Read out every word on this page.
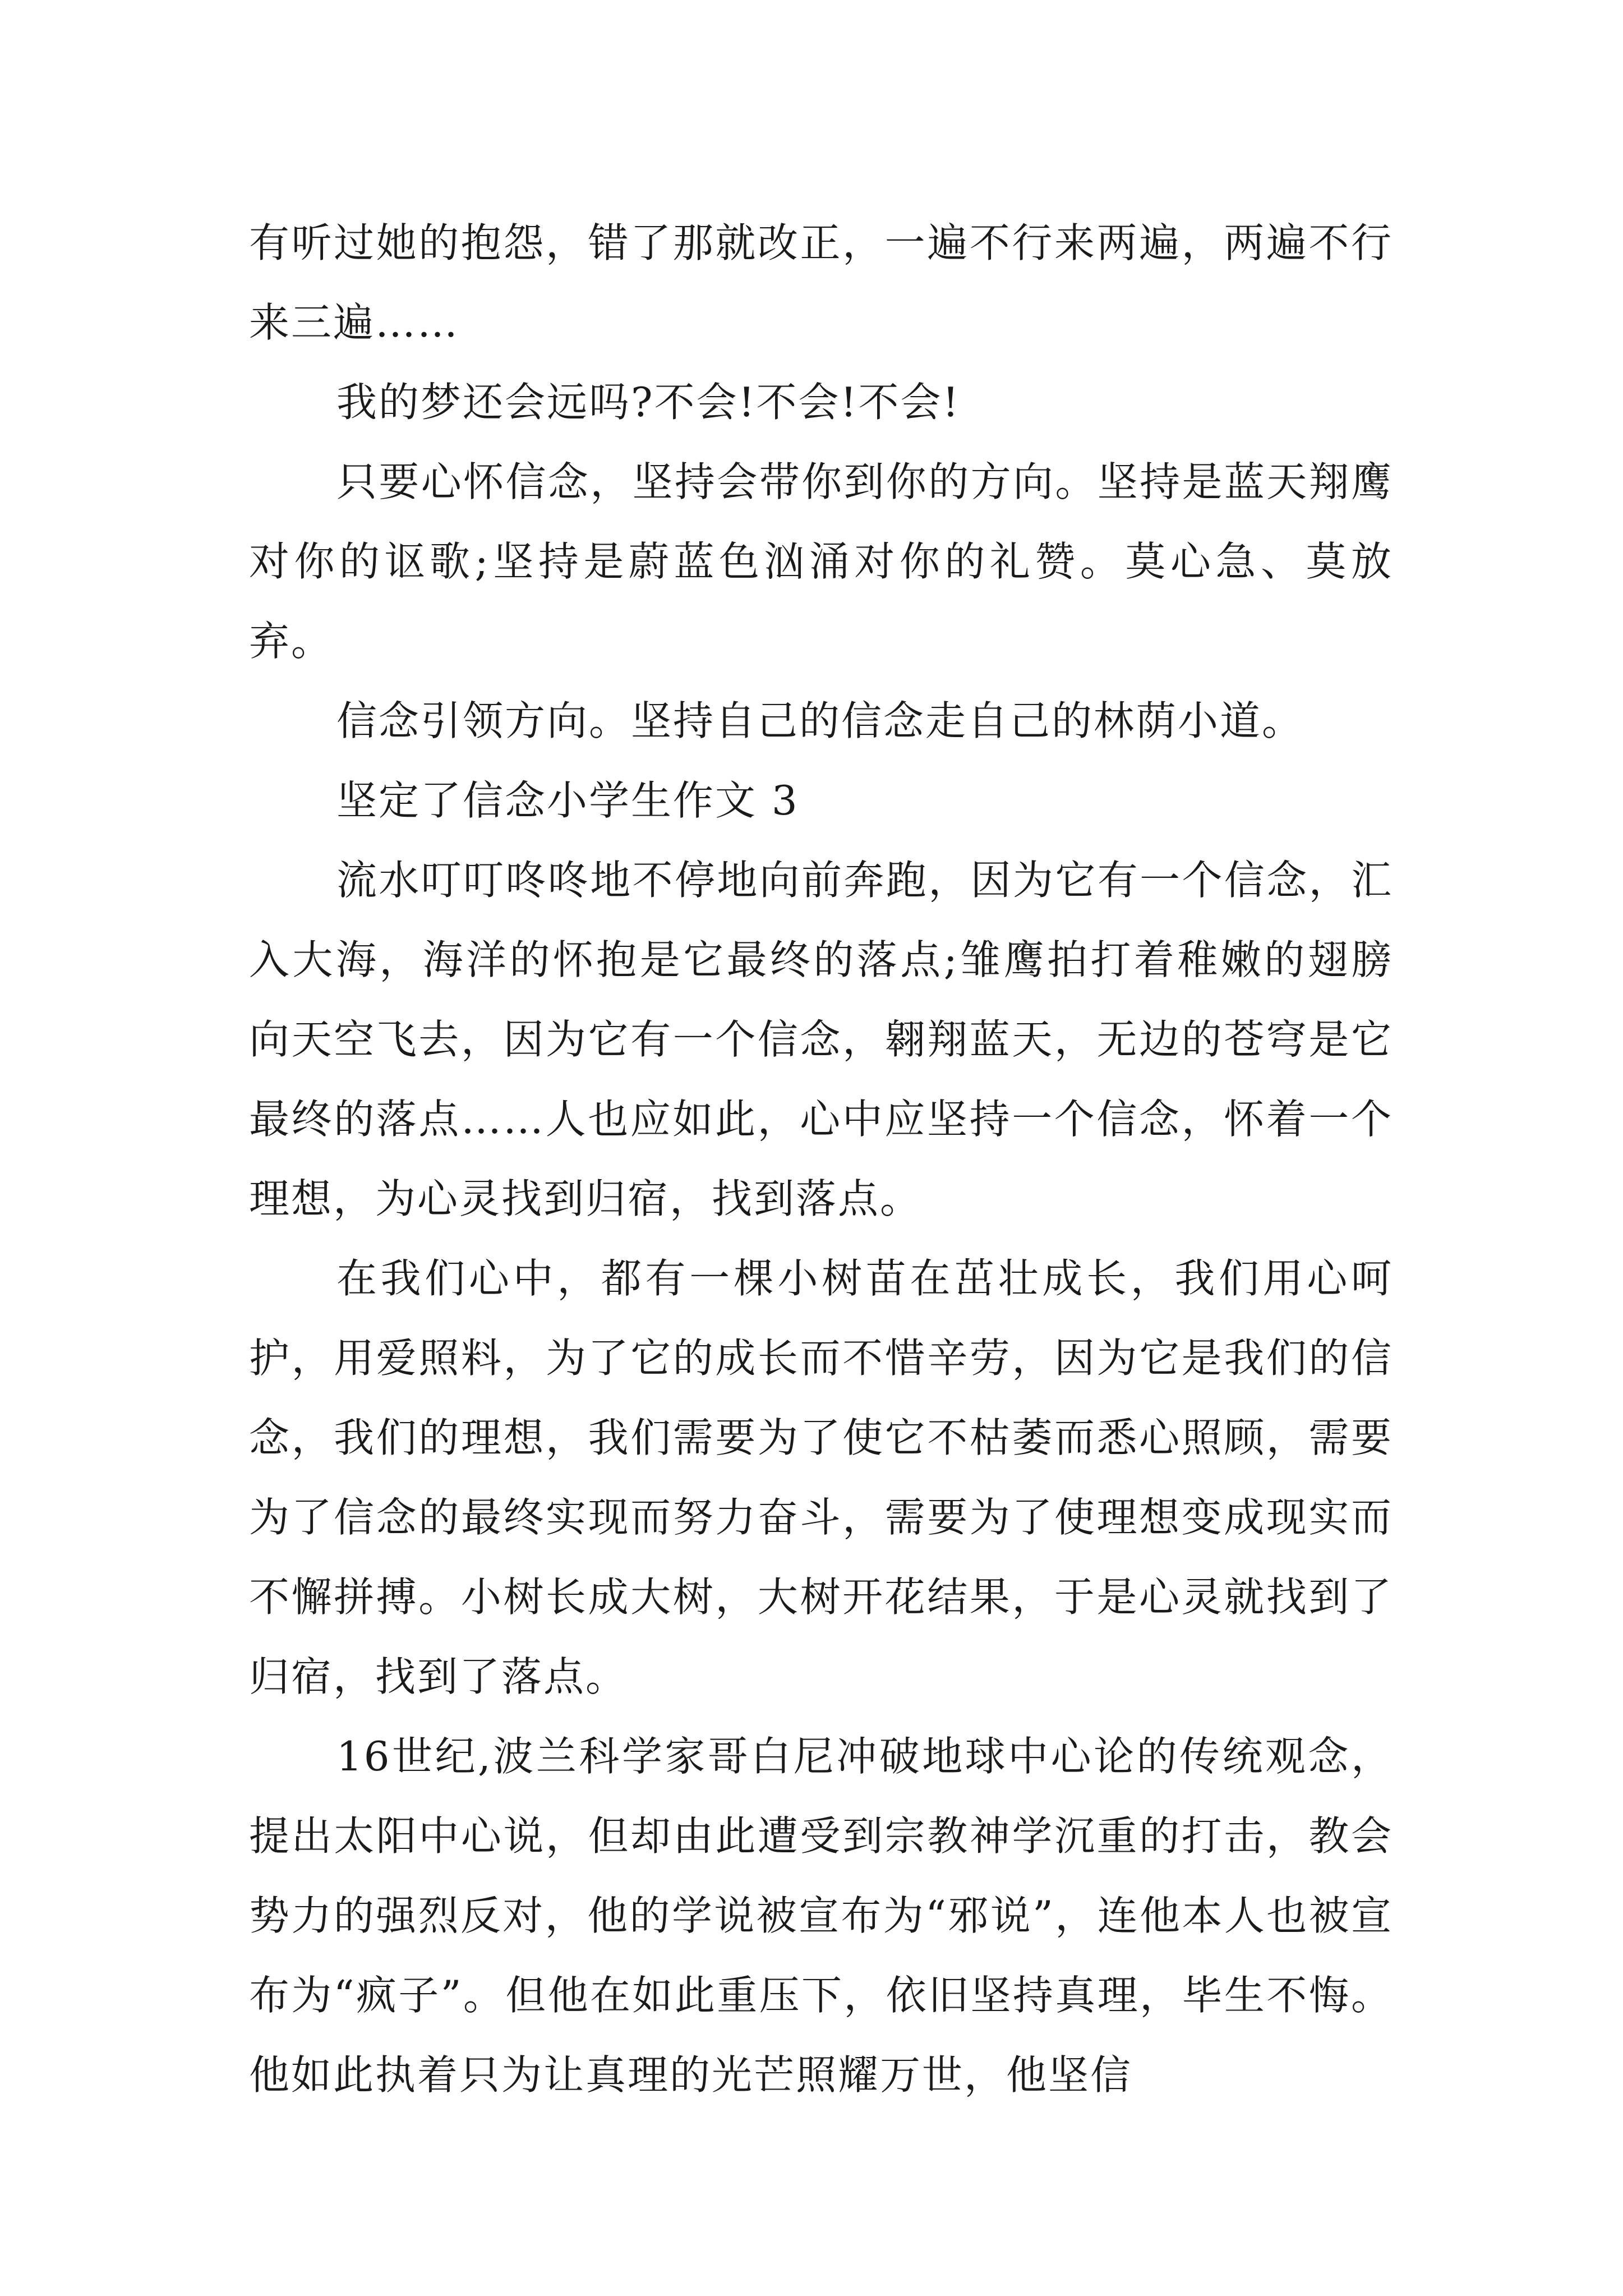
有听过她的抱怨，错了那就改正，一遍不行来两遍，两遍不行来三遍……

我的梦还会远吗?不会!不会!不会!

只要心怀信念，坚持会带你到你的方向。坚持是蓝天翔鹰对你的讴歌;坚持是蔚蓝色汹涌对你的礼赞。莫心急、莫放弃。

信念引领方向。坚持自己的信念走自己的林荫小道。

坚定了信念小学生作文 3

流水叮叮咚咚地不停地向前奔跑，因为它有一个信念，汇入大海，海洋的怀抱是它最终的落点;雏鹰拍打着稚嫩的翅膀向天空飞去，因为它有一个信念，翱翔蓝天，无边的苍穹是它最终的落点……人也应如此，心中应坚持一个信念，怀着一个理想，为心灵找到归宿，找到落点。

在我们心中，都有一棵小树苗在茁壮成长，我们用心呵护，用爱照料，为了它的成长而不惜辛劳，因为它是我们的信念，我们的理想，我们需要为了使它不枯萎而悉心照顾，需要为了信念的最终实现而努力奋斗，需要为了使理想变成现实而不懈拼搏。小树长成大树，大树开花结果，于是心灵就找到了归宿，找到了落点。

16世纪,波兰科学家哥白尼冲破地球中心论的传统观念，提出太阳中心说，但却由此遭受到宗教神学沉重的打击，教会势力的强烈反对，他的学说被宣布为“邪说”，连他本人也被宣布为“疯子”。但他在如此重压下，依旧坚持真理，毕生不悔。他如此执着只为让真理的光芒照耀万世，他坚信
